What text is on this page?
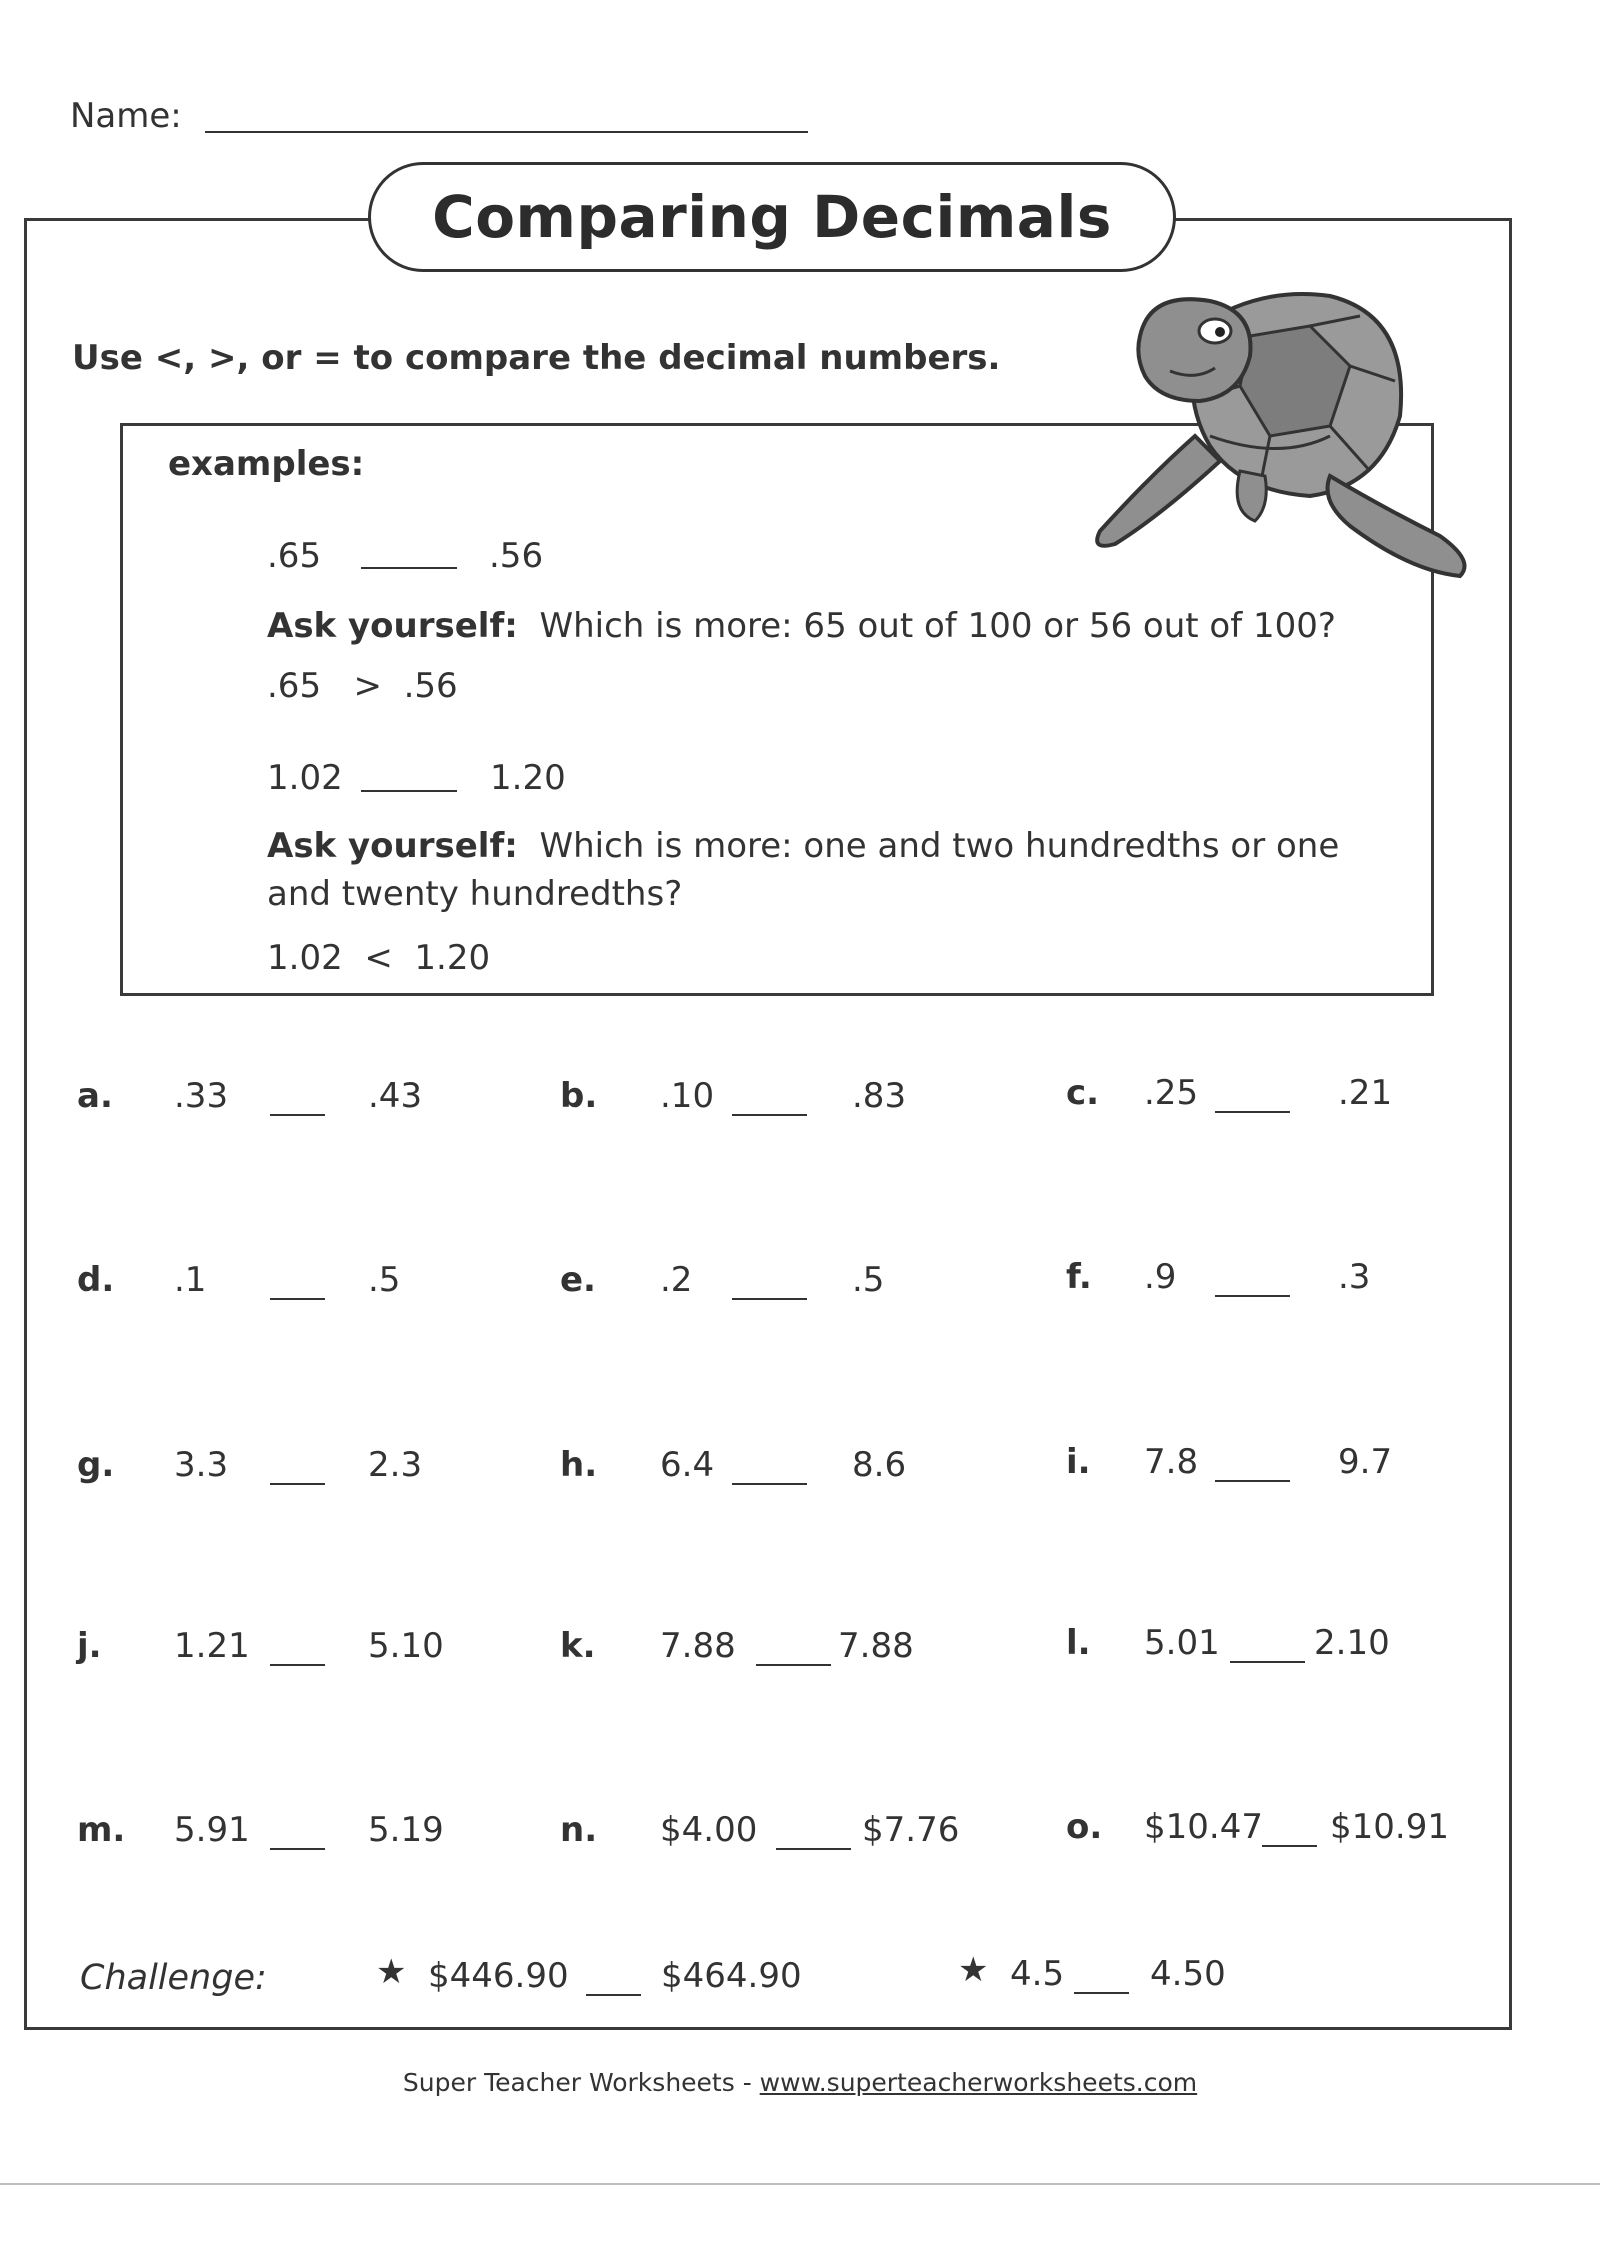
Name:
Comparing Decimals
Use <, >, or = to compare the decimal numbers.
examples:
.65	.56
Ask yourself: Which is more: 65 out of 100 or 56 out of 100?
.65   >  .56
1.02	1.20
Ask yourself: Which is more: one and two hundredths or one
and twenty hundredths?
1.02  <  1.20
a. .33	.43	b. .10	.83	c. .25	.21
d. .1	.5	e. .2	.5	f. .9	.3
g. 3.3	2.3	h. 6.4	8.6	i. 7.8	9.7
j. 1.21	5.10	k. 7.88	7.88	l. 5.01	2.10
m. 5.91	5.19	n. $4.00	$7.76	o. $10.47 $10.91
Challenge:	★ $446.90	$464.90	★ 4.5	4.50
Super Teacher Worksheets - www.superteacherworksheets.com
